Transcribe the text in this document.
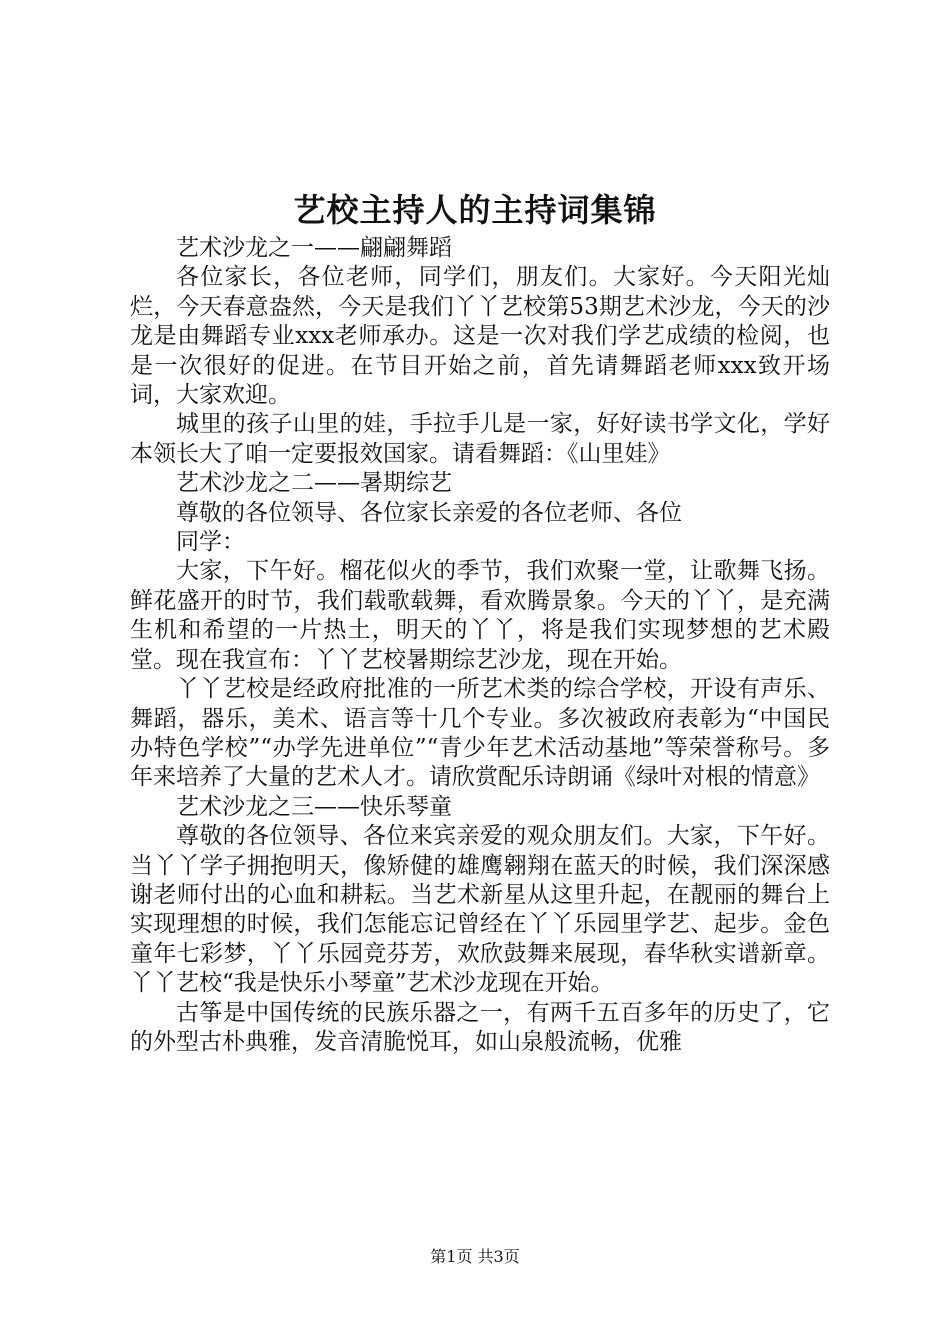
艺校主持人的主持词集锦

艺术沙龙之一——翩翩舞蹈

各位家长，各位老师，同学们，朋友们。大家好。今天阳光灿烂，今天春意盎然，今天是我们丫丫艺校第53期艺术沙龙，今天的沙龙是由舞蹈专业xxx老师承办。这是一次对我们学艺成绩的检阅，也是一次很好的促进。在节目开始之前，首先请舞蹈老师xxx致开场词，大家欢迎。

城里的孩子山里的娃，手拉手儿是一家，好好读书学文化，学好本领长大了咱一定要报效国家。请看舞蹈：《山里娃》

艺术沙龙之二——暑期综艺

尊敬的各位领导、各位家长亲爱的各位老师、各位

同学：

大家，下午好。榴花似火的季节，我们欢聚一堂，让歌舞飞扬。鲜花盛开的时节，我们载歌载舞，看欢腾景象。今天的丫丫，是充满生机和希望的一片热土，明天的丫丫，将是我们实现梦想的艺术殿堂。现在我宣布：丫丫艺校暑期综艺沙龙，现在开始。

丫丫艺校是经政府批准的一所艺术类的综合学校，开设有声乐、舞蹈，器乐，美术、语言等十几个专业。多次被政府表彰为“中国民办特色学校”“办学先进单位”“青少年艺术活动基地”等荣誉称号。多年来培养了大量的艺术人才。请欣赏配乐诗朗诵《绿叶对根的情意》

艺术沙龙之三——快乐琴童

尊敬的各位领导、各位来宾亲爱的观众朋友们。大家，下午好。当丫丫学子拥抱明天，像矫健的雄鹰翱翔在蓝天的时候，我们深深感谢老师付出的心血和耕耘。当艺术新星从这里升起，在靓丽的舞台上实现理想的时候，我们怎能忘记曾经在丫丫乐园里学艺、起步。金色童年七彩梦，丫丫乐园竞芬芳，欢欣鼓舞来展现，春华秋实谱新章。丫丫艺校“我是快乐小琴童”艺术沙龙现在开始。

古筝是中国传统的民族乐器之一，有两千五百多年的历史了，它的外型古朴典雅，发音清脆悦耳，如山泉般流畅，优雅

第1页 共3页
